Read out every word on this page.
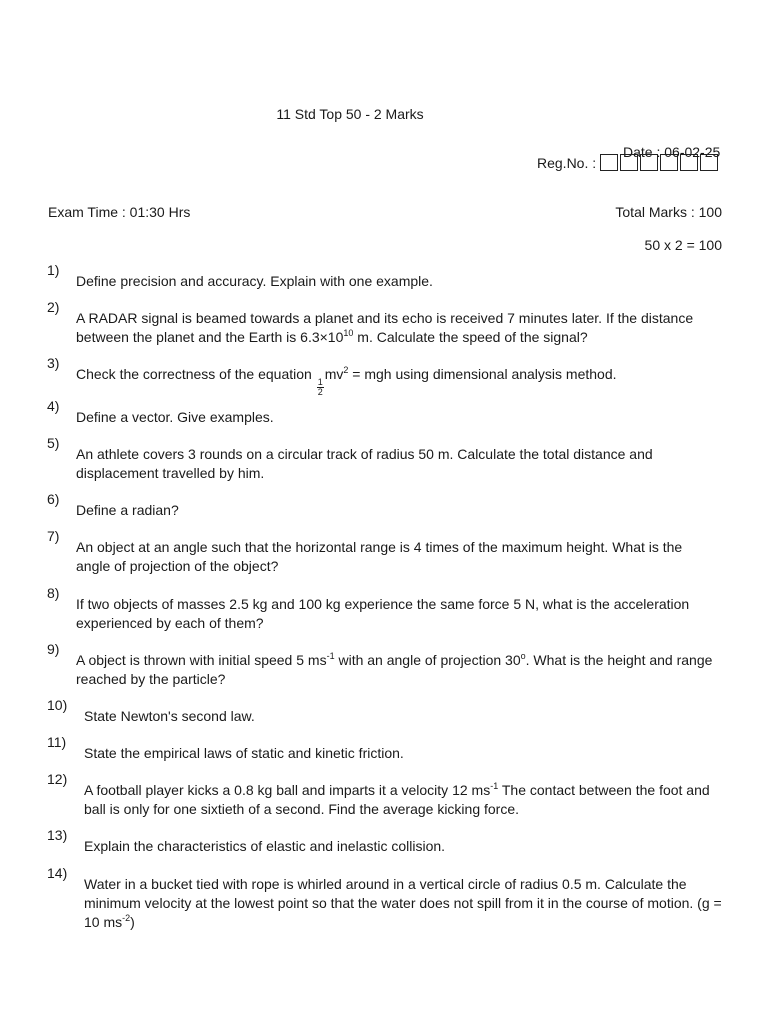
11 Std Top 50 - 2 Marks
Date : 06-02-25
Reg.No. :
Exam Time : 01:30 Hrs	Total Marks : 100
50 x 2 = 100
1)
Define precision and accuracy. Explain with one example.
2)
A RADAR signal is beamed towards a planet and its echo is received 7 minutes later. If the distance between the planet and the Earth is $6.3\times 10^{10}$ m. Calculate the speed of the signal?
3)
Check the correctness of the equation
$\frac{1}{2}$
$mv^2$ = mgh using dimensional analysis method.
4)
Define a vector. Give examples.
5)
An athlete covers 3 rounds on a circular track of radius 50 m. Calculate the total distance and displacement travelled by him.
6)
Define a radian?
7)
An object at an angle such that the horizontal range is 4 times of the maximum height. What is the angle of projection of the object?
8)
If two objects of masses 2.5 kg and 100 kg experience the same force 5 N, what is the acceleration experienced by each of them?
9)
A object is thrown with initial speed 5 $ms^{-1}$ with an angle of projection 30$^o$. What is the height and range reached by the particle?
10)
State Newton's second law.
11)
State the empirical laws of static and kinetic friction.
12)
A football player kicks a 0.8 kg ball and imparts it a velocity 12 $ms^{-1}$ The contact between the foot and ball is only for one sixtieth of a second. Find the average kicking force.
13)
Explain the characteristics of elastic and inelastic collision.
14)
Water in a bucket tied with rope is whirled around in a vertical circle of radius 0.5 m. Calculate the minimum velocity at the lowest point so that the water does not spill from it in the course of motion. (g = 10 $ms^{-2}$)
